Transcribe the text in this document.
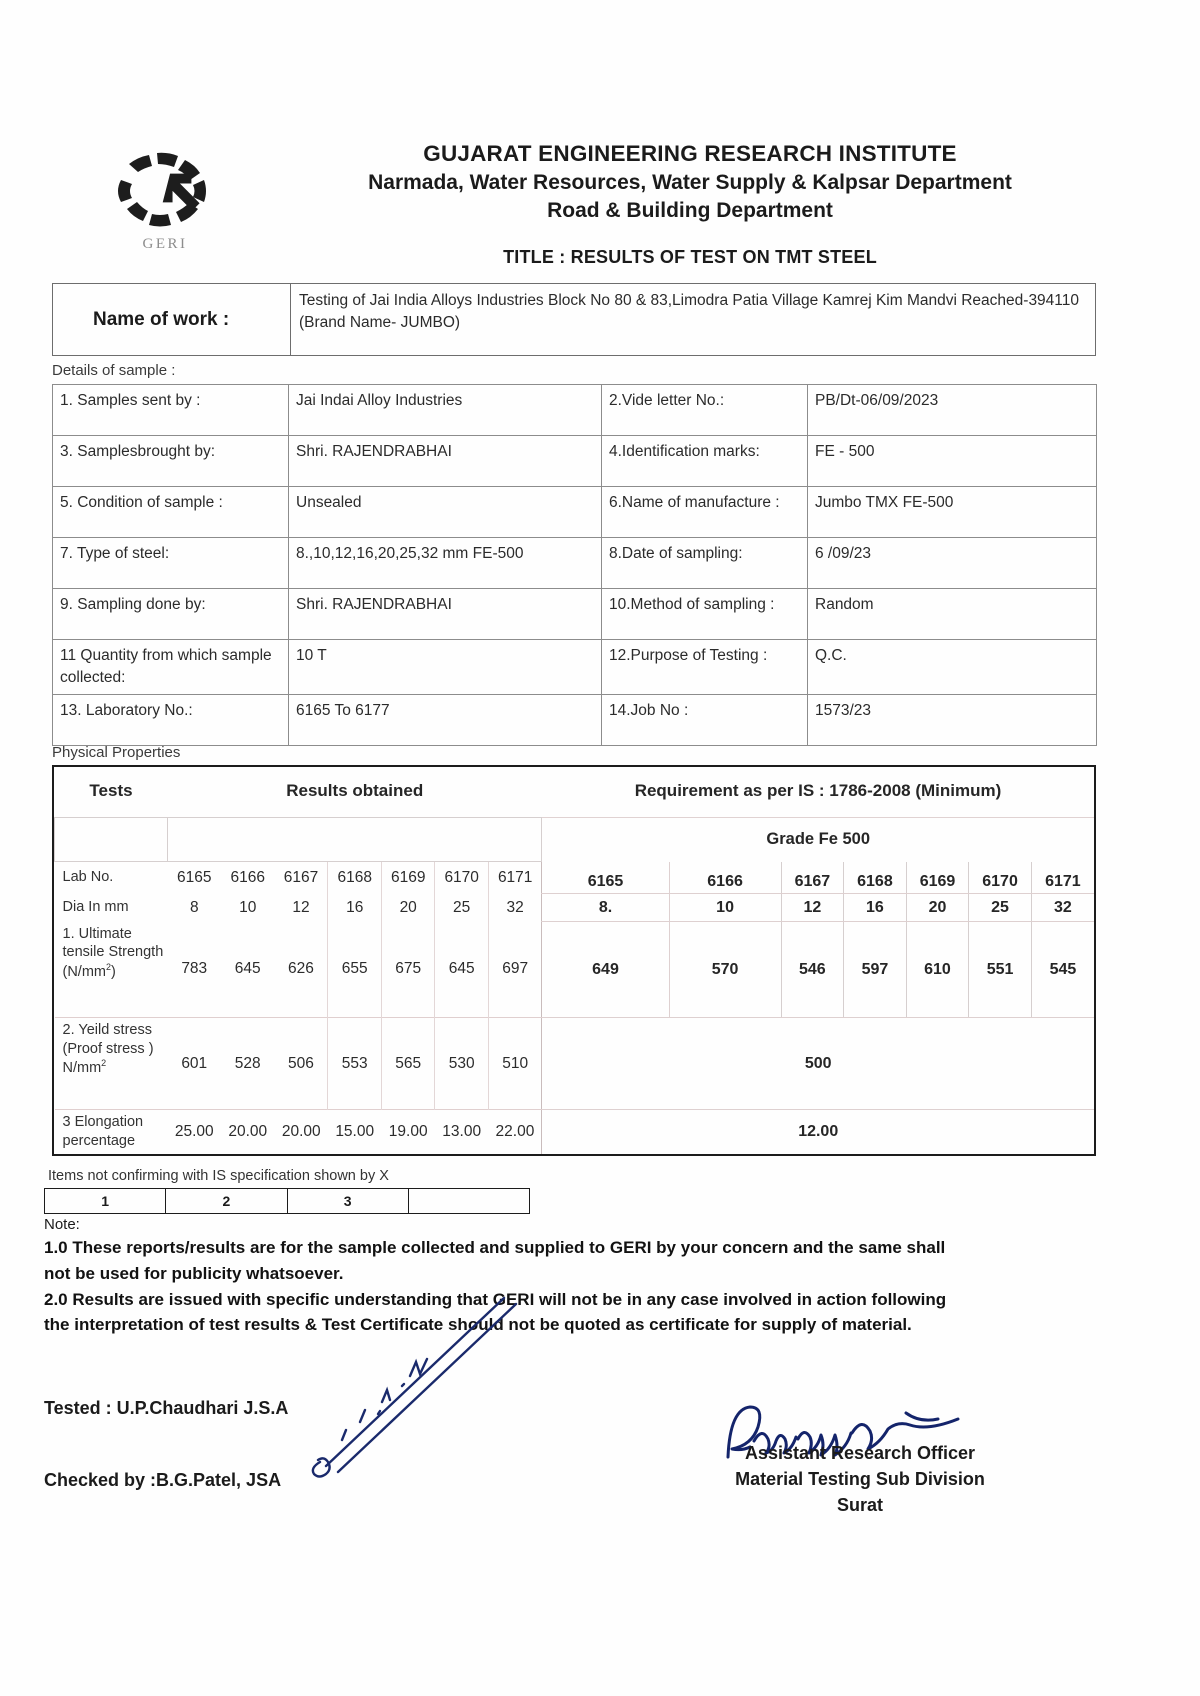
GERI
GUJARAT ENGINEERING RESEARCH INSTITUTE
Narmada, Water Resources, Water Supply & Kalpsar Department
Road & Building Department
TITLE : RESULTS OF TEST ON TMT STEEL
Name of work :
Testing of Jai India Alloys Industries Block No 80 & 83,Limodra Patia Village Kamrej Kim Mandvi Reached-394110 (Brand Name- JUMBO)
Details of sample :
1. Samples sent by :	Jai Indai Alloy Industries	2.Vide letter No.:	PB/Dt-06/09/2023
3. Samplesbrought by:	Shri. RAJENDRABHAI	4.Identification marks:	FE - 500
5. Condition of sample :	Unsealed	6.Name of manufacture :	Jumbo TMX FE-500
7. Type of steel:	8.,10,12,16,20,25,32 mm FE-500	8.Date of sampling:	6 /09/23
9. Sampling done by:	Shri. RAJENDRABHAI	10.Method of sampling :	Random
11 Quantity from which sample collected:	10 T	12.Purpose of Testing :	Q.C.
13. Laboratory No.:	6165 To 6177	14.Job No :	1573/23
Physical Properties
Tests	Results obtained							Requirement as per IS : 1786-2008 (Minimum)						
								Grade Fe 500						
Lab No.	6165	6166	6167	6168	6169	6170	6171	6165	6166	6167	6168	6169	6170	6171
Dia In mm	8	10	12	16	20	25	32	8.	10	12	16	20	25	32
1. Ultimate tensile Strength $(N/mm^2)$	783	645	626	655	675	645	697	649	570	546	597	610	551	545
2. Yeild stress (Proof stress ) $N/mm^2$	601	528	506	553	565	530	510	500						
3 Elongation percentage	25.00	20.00	20.00	15.00	19.00	13.00	22.00	12.00						
Items not confirming with IS specification shown by X
1	2	3	
Note:
1.0 These reports/results are for the sample collected and supplied to GERI by your concern and the same shall not be used for publicity whatsoever.
2.0 Results are issued with specific understanding that GERI will not be in any case involved in action following the interpretation of test results & Test Certificate should not be quoted as certificate for supply of material.
Tested : U.P.Chaudhari J.S.A
Checked by :B.G.Patel, JSA
Assistant Research Officer
Material Testing Sub Division
Surat
